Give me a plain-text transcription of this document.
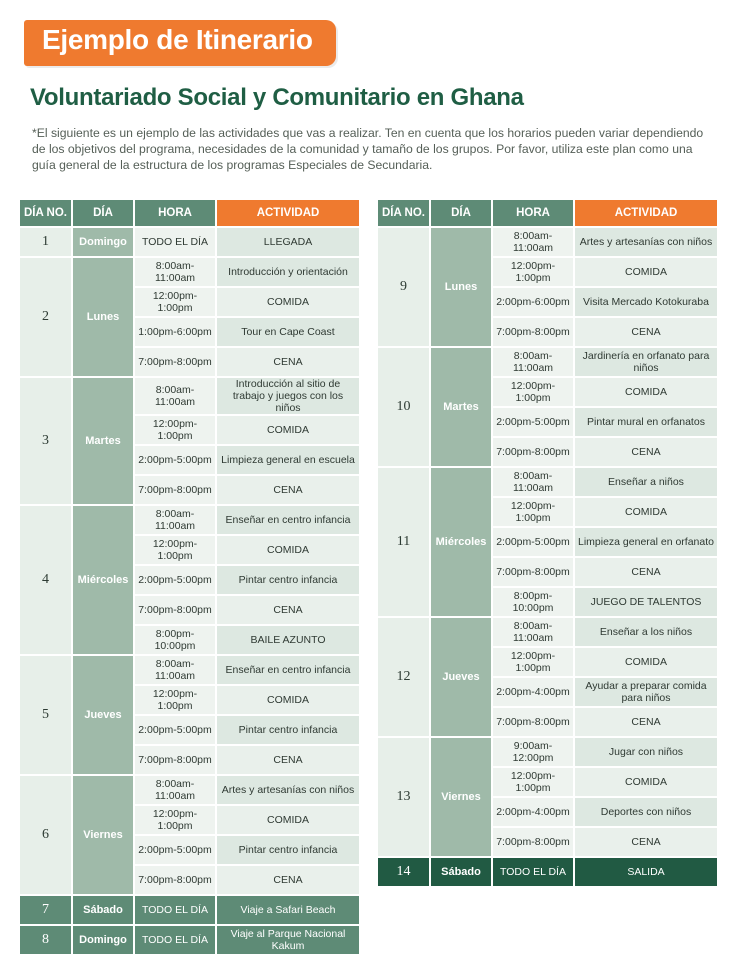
Ejemplo de Itinerario
Voluntariado Social y Comunitario en Ghana

*El siguiente es un ejemplo de las actividades que vas a realizar. Ten en cuenta que los horarios pueden variar dependiendo de los objetivos del programa, necesidades de la comunidad y tamaño de los grupos. Por favor, utiliza este plan como una guía general de la estructura de los programas Especiales de Secundaria.

DÍA NO.	DÍA	HORA	ACTIVIDAD
1	Domingo	TODO EL DÍA	LLEGADA
2	Lunes	8:00am-11:00am	Introducción y orientación
		12:00pm-1:00pm	COMIDA
		1:00pm-6:00pm	Tour en Cape Coast
		7:00pm-8:00pm	CENA
3	Martes	8:00am-11:00am	Introducción al sitio de trabajo y juegos con los niños
		12:00pm-1:00pm	COMIDA
		2:00pm-5:00pm	Limpieza general en escuela
		7:00pm-8:00pm	CENA
4	Miércoles	8:00am-11:00am	Enseñar en centro infancia
		12:00pm-1:00pm	COMIDA
		2:00pm-5:00pm	Pintar centro infancia
		7:00pm-8:00pm	CENA
		8:00pm-10:00pm	BAILE AZUNTO
5	Jueves	8:00am-11:00am	Enseñar en centro infancia
		12:00pm-1:00pm	COMIDA
		2:00pm-5:00pm	Pintar centro infancia
		7:00pm-8:00pm	CENA
6	Viernes	8:00am-11:00am	Artes y artesanías con niños
		12:00pm-1:00pm	COMIDA
		2:00pm-5:00pm	Pintar centro infancia
		7:00pm-8:00pm	CENA
7	Sábado	TODO EL DÍA	Viaje a Safari Beach
8	Domingo	TODO EL DÍA	Viaje al Parque Nacional Kakum
DÍA NO.	DÍA	HORA	ACTIVIDAD
9	Lunes	8:00am-11:00am	Artes y artesanías con niños
		12:00pm-1:00pm	COMIDA
		2:00pm-6:00pm	Visita Mercado Kotokuraba
		7:00pm-8:00pm	CENA
10	Martes	8:00am-11:00am	Jardinería en orfanato para niños
		12:00pm-1:00pm	COMIDA
		2:00pm-5:00pm	Pintar mural en orfanatos
		7:00pm-8:00pm	CENA
11	Miércoles	8:00am-11:00am	Enseñar a niños
		12:00pm-1:00pm	COMIDA
		2:00pm-5:00pm	Limpieza general en orfanato
		7:00pm-8:00pm	CENA
		8:00pm-10:00pm	JUEGO DE TALENTOS
12	Jueves	8:00am-11:00am	Enseñar a los niños
		12:00pm-1:00pm	COMIDA
		2:00pm-4:00pm	Ayudar a preparar comida para niños
		7:00pm-8:00pm	CENA
13	Viernes	9:00am-12:00pm	Jugar con niños
		12:00pm-1:00pm	COMIDA
		2:00pm-4:00pm	Deportes con niños
		7:00pm-8:00pm	CENA
14	Sábado	TODO EL DÍA	SALIDA
